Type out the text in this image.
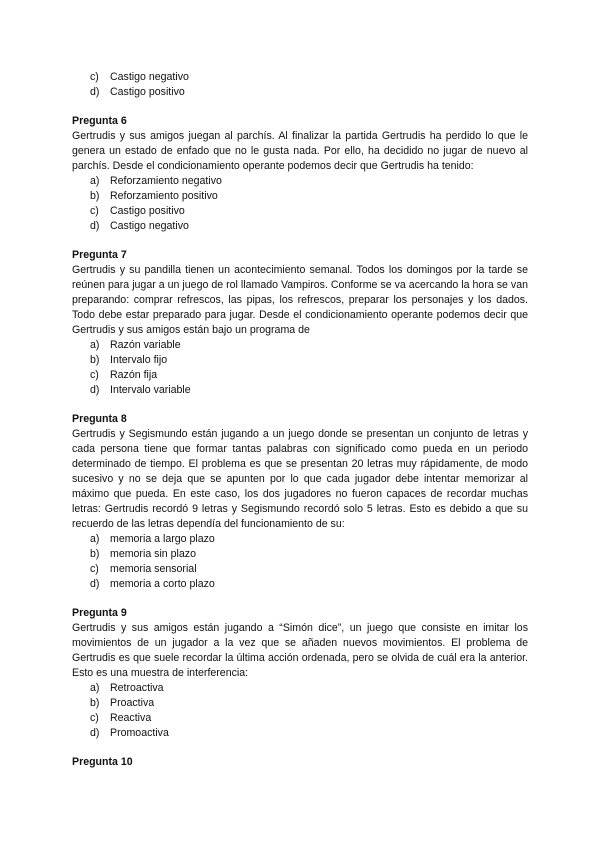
c) Castigo negativo
d) Castigo positivo
Pregunta 6

Gertrudis y sus amigos juegan al parchís. Al finalizar la partida Gertrudis ha perdido lo que le genera un estado de enfado que no le gusta nada. Por ello, ha decidido no jugar de nuevo al parchís. Desde el condicionamiento operante podemos decir que Gertrudis ha tenido:

a) Reforzamiento negativo
b) Reforzamiento positivo
c) Castigo positivo
d) Castigo negativo
Pregunta 7

Gertrudis y su pandilla tienen un acontecimiento semanal. Todos los domingos por la tarde se reúnen para jugar a un juego de rol llamado Vampiros. Conforme se va acercando la hora se van preparando: comprar refrescos, las pipas, los refrescos, preparar los personajes y los dados. Todo debe estar preparado para jugar. Desde el condicionamiento operante podemos decir que Gertrudis y sus amigos están bajo un programa de

a) Razón variable
b) Intervalo fijo
c) Razón fija
d) Intervalo variable
Pregunta 8

Gertrudis y Segismundo están jugando a un juego donde se presentan un conjunto de letras y cada persona tiene que formar tantas palabras con significado como pueda en un periodo determinado de tiempo. El problema es que se presentan 20 letras muy rápidamente, de modo sucesivo y no se deja que se apunten por lo que cada jugador debe intentar memorizar al máximo que pueda. En este caso, los dos jugadores no fueron capaces de recordar muchas letras: Gertrudis recordó 9 letras y Segismundo recordó solo 5 letras. Esto es debido a que su recuerdo de las letras dependía del funcionamiento de su:

a) memoria a largo plazo
b) memoria sin plazo
c) memoria sensorial
d) memoria a corto plazo
Pregunta 9

Gertrudis y sus amigos están jugando a “Simón dice”, un juego que consiste en imitar los movimientos de un jugador a la vez que se añaden nuevos movimientos. El problema de Gertrudis es que suele recordar la última acción ordenada, pero se olvida de cuál era la anterior. Esto es una muestra de interferencia:

a) Retroactiva
b) Proactiva
c) Reactiva
d) Promoactiva
Pregunta 10
